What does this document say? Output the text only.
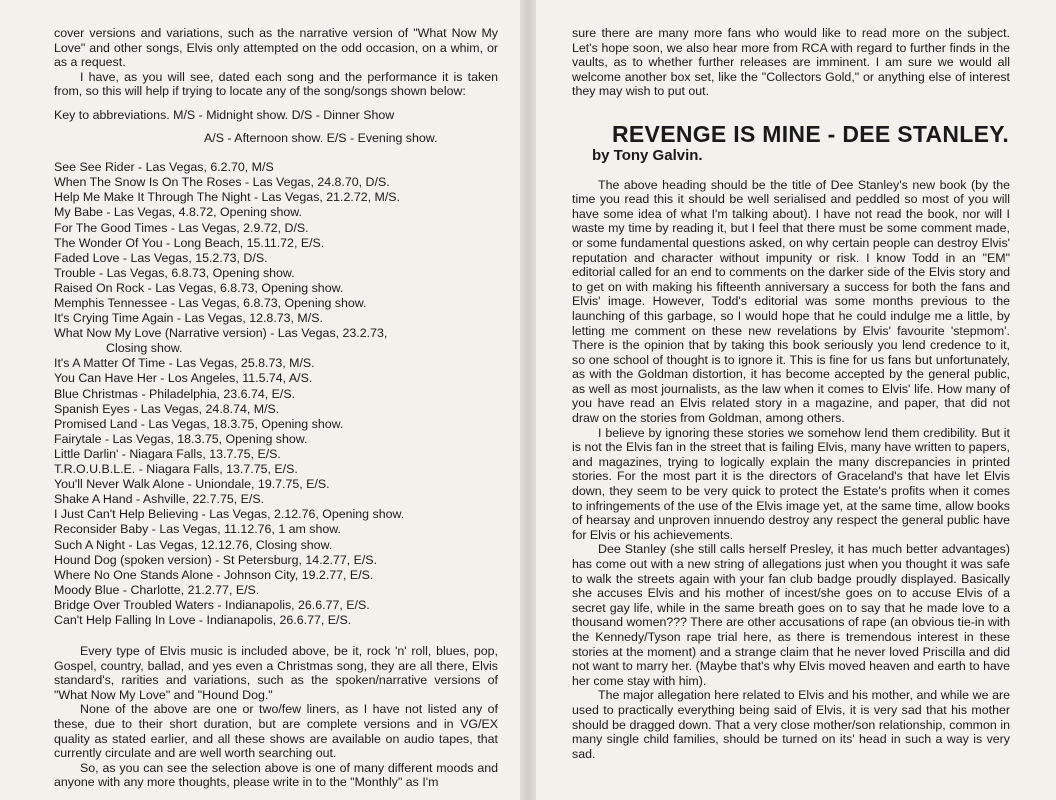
cover versions and variations, such as the narrative version of "What Now My Love" and other songs, Elvis only attempted on the odd occasion, on a whim, or as a request.

I have, as you will see, dated each song and the performance it is taken from, so this will help if trying to locate any of the song/songs shown below:

Key to abbreviations. M/S - Midnight show. D/S - Dinner Show
A/S - Afternoon show. E/S - Evening show.
See See Rider - Las Vegas, 6.2.70, M/S
When The Snow Is On The Roses - Las Vegas, 24.8.70, D/S.
Help Me Make It Through The Night - Las Vegas, 21.2.72, M/S.
My Babe - Las Vegas, 4.8.72, Opening show.
For The Good Times - Las Vegas, 2.9.72, D/S.
The Wonder Of You - Long Beach, 15.11.72, E/S.
Faded Love - Las Vegas, 15.2.73, D/S.
Trouble - Las Vegas, 6.8.73, Opening show.
Raised On Rock - Las Vegas, 6.8.73, Opening show.
Memphis Tennessee - Las Vegas, 6.8.73, Opening show.
It's Crying Time Again - Las Vegas, 12.8.73, M/S.
What Now My Love (Narrative version) - Las Vegas, 23.2.73,
Closing show.
It's A Matter Of Time - Las Vegas, 25.8.73, M/S.
You Can Have Her - Los Angeles, 11.5.74, A/S.
Blue Christmas - Philadelphia, 23.6.74, E/S.
Spanish Eyes - Las Vegas, 24.8.74, M/S.
Promised Land - Las Vegas, 18.3.75, Opening show.
Fairytale - Las Vegas, 18.3.75, Opening show.
Little Darlin' - Niagara Falls, 13.7.75, E/S.
T.R.O.U.B.L.E. - Niagara Falls, 13.7.75, E/S.
You'll Never Walk Alone - Uniondale, 19.7.75, E/S.
Shake A Hand - Ashville, 22.7.75, E/S.
I Just Can't Help Believing - Las Vegas, 2.12.76, Opening show.
Reconsider Baby - Las Vegas, 11.12.76, 1 am show.
Such A Night - Las Vegas, 12.12.76, Closing show.
Hound Dog (spoken version) - St Petersburg, 14.2.77, E/S.
Where No One Stands Alone - Johnson City, 19.2.77, E/S.
Moody Blue - Charlotte, 21.2.77, E/S.
Bridge Over Troubled Waters - Indianapolis, 26.6.77, E/S.
Can't Help Falling In Love - Indianapolis, 26.6.77, E/S.

Every type of Elvis music is included above, be it, rock 'n' roll, blues, pop, Gospel, country, ballad, and yes even a Christmas song, they are all there, Elvis standard's, rarities and variations, such as the spoken/narrative versions of "What Now My Love" and "Hound Dog."

None of the above are one or two/few liners, as I have not listed any of these, due to their short duration, but are complete versions and in VG/EX quality as stated earlier, and all these shows are available on audio tapes, that currently circulate and are well worth searching out.

So, as you can see the selection above is one of many different moods and anyone with any more thoughts, please write in to the "Monthly" as I'm

sure there are many more fans who would like to read more on the subject. Let's hope soon, we also hear more from RCA with regard to further finds in the vaults, as to whether further releases are imminent. I am sure we would all welcome another box set, like the "Collectors Gold," or anything else of interest they may wish to put out.

REVENGE IS MINE - DEE STANLEY.
by Tony Galvin.

The above heading should be the title of Dee Stanley's new book (by the time you read this it should be well serialised and peddled so most of you will have some idea of what I'm talking about). I have not read the book, nor will I waste my time by reading it, but I feel that there must be some comment made, or some fundamental questions asked, on why certain people can destroy Elvis' reputation and character without impunity or risk. I know Todd in an "EM" editorial called for an end to comments on the darker side of the Elvis story and to get on with making his fifteenth anniversary a success for both the fans and Elvis' image. However, Todd's editorial was some months previous to the launching of this garbage, so I would hope that he could indulge me a little, by letting me comment on these new revelations by Elvis' favourite 'stepmom'. There is the opinion that by taking this book seriously you lend credence to it, so one school of thought is to ignore it. This is fine for us fans but unfortunately, as with the Goldman distortion, it has become accepted by the general public, as well as most journalists, as the law when it comes to Elvis' life. How many of you have read an Elvis related story in a magazine, and paper, that did not draw on the stories from Goldman, among others.

I believe by ignoring these stories we somehow lend them credibility. But it is not the Elvis fan in the street that is failing Elvis, many have written to papers, and magazines, trying to logically explain the many discrepancies in printed stories. For the most part it is the directors of Graceland's that have let Elvis down, they seem to be very quick to protect the Estate's profits when it comes to infringements of the use of the Elvis image yet, at the same time, allow books of hearsay and unproven innuendo destroy any respect the general public have for Elvis or his achievements.

Dee Stanley (she still calls herself Presley, it has much better advantages) has come out with a new string of allegations just when you thought it was safe to walk the streets again with your fan club badge proudly displayed. Basically she accuses Elvis and his mother of incest/she goes on to accuse Elvis of a secret gay life, while in the same breath goes on to say that he made love to a thousand women??? There are other accusations of rape (an obvious tie-in with the Kennedy/Tyson rape trial here, as there is tremendous interest in these stories at the moment) and a strange claim that he never loved Priscilla and did not want to marry her. (Maybe that's why Elvis moved heaven and earth to have her come stay with him).

The major allegation here related to Elvis and his mother, and while we are used to practically everything being said of Elvis, it is very sad that his mother should be dragged down. That a very close mother/son relationship, common in many single child families, should be turned on its' head in such a way is very sad.
